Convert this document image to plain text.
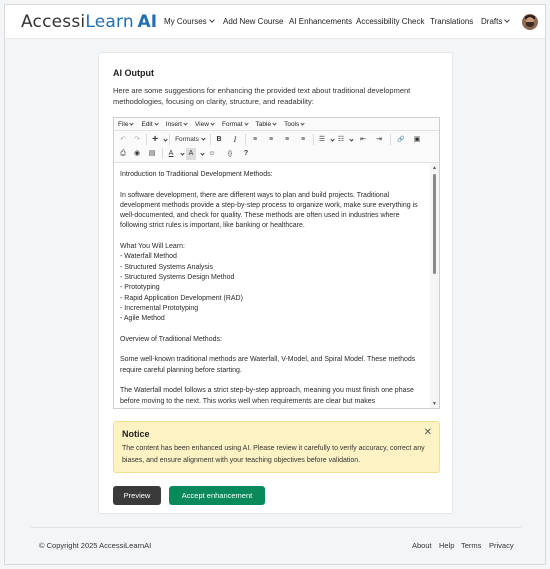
AccessiLearn  AI My Courses	Add New Course AI Enhancements Accessibility Check Translations Drafts
AI Output
Here are some suggestions for enhancing the provided text about traditional development methodologies, focusing on clarity, structure, and readability:
File	Edit	Insert	View	Format	Table	Tools
↶ ↷ +	Formats	B	I	≡	≡	≡	≡	☰ ☷ ⇤ ⇥	🔗	▣
⎙	◉ ▤	A	A	☺	{}	?

Introduction to Traditional Development Methods:

In software development, there are different ways to plan and build projects. Traditional development methods provide a step-by-step process to organize work, make sure everything is well-documented, and check for quality. These methods are often used in industries where following strict rules is important, like banking or healthcare.

What You Will Learn:
- Waterfall Method
- Structured Systems Analysis
- Structured Systems Design Method
- Prototyping
- Rapid Application Development (RAD)
- Incremental Prototyping
- Agile Method

Overview of Traditional Methods:

Some well-known traditional methods are Waterfall, V-Model, and Spiral Model. These methods require careful planning before starting.

The Waterfall model follows a strict step-by-step approach, meaning you must finish one phase before moving to the next. This works well when requirements are clear but makes

▲
▼
Notice	✕
The content has been enhanced using AI. Please review it carefully to verify accuracy, correct any biases, and ensure alignment with your teaching objectives before validation.
Preview	Accept enhancement
© Copyright 2025 AccessiLearnAI	About Help Terms Privacy
